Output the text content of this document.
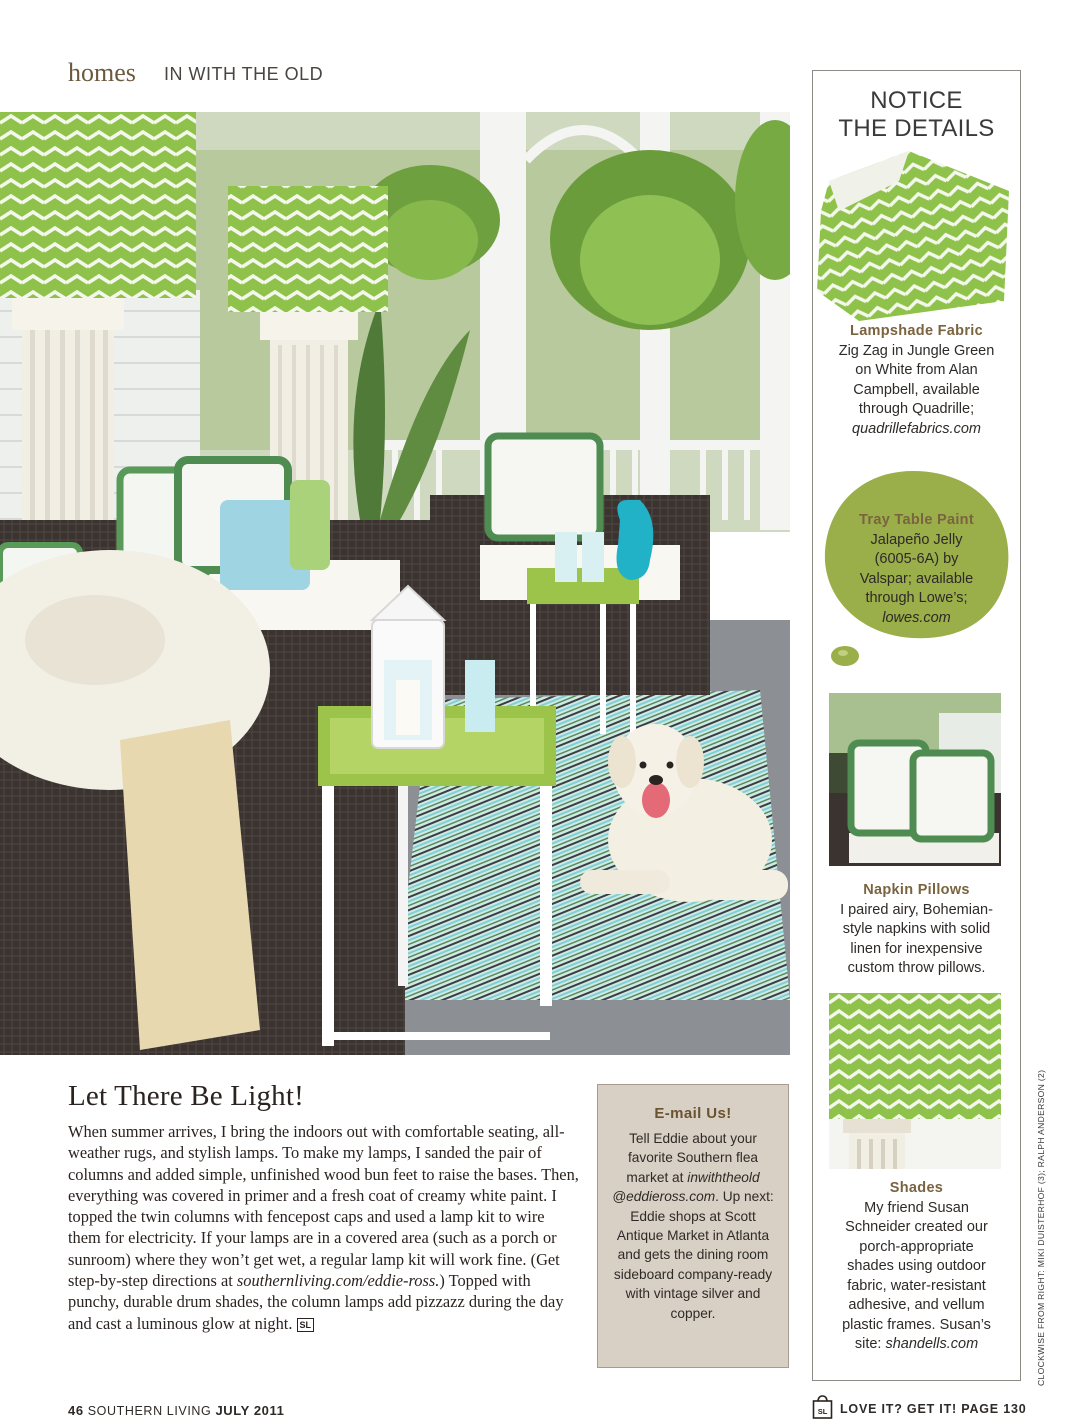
homes IN WITH THE OLD
NOTICE
THE DETAILS
Lampshade Fabric
Zig Zag in Jungle Green
on White from Alan
Campbell, available
through Quadrille;
quadrillefabrics.com
Tray Table Paint
Jalapeño Jelly
(6005-6A) by
Valspar; available
through Lowe’s;
lowes.com
Napkin Pillows
I paired airy, Bohemian-
style napkins with solid
linen for inexpensive
custom throw pillows.
Shades
My friend Susan
Schneider created our
porch-appropriate
shades using outdoor
fabric, water-resistant
adhesive, and vellum
plastic frames. Susan’s
site: shandells.com
Let There Be Light!

When summer arrives, I bring the indoors out with comfortable seating, all-weather rugs, and stylish lamps. To make my lamps, I sanded the pair of columns and added simple, unfinished wood bun feet to raise the bases. Then, everything was covered in primer and a fresh coat of creamy white paint. I topped the twin columns with fencepost caps and used a lamp kit to wire them for electricity. If your lamps are in a covered area (such as a porch or sunroom) where they won’t get wet, a regular lamp kit will work fine. (Get step-by-step directions at southernliving.com/eddie-ross.) Topped with punchy, durable drum shades, the column lamps add pizzazz during the day and cast a luminous glow at night. SL

E-mail Us!

Tell Eddie about your favorite Southern flea market at inwiththeold @eddieross.com. Up next: Eddie shops at Scott Antique Market in Atlanta and gets the dining room sideboard company-ready with vintage silver and copper.	CLOCKWISE FROM RIGHT: MIKI DUISTERHOF (3); RALPH ANDERSON (2)
46 SOUTHERN LIVING JULY 2011	SL LOVE IT? GET IT! PAGE 130
